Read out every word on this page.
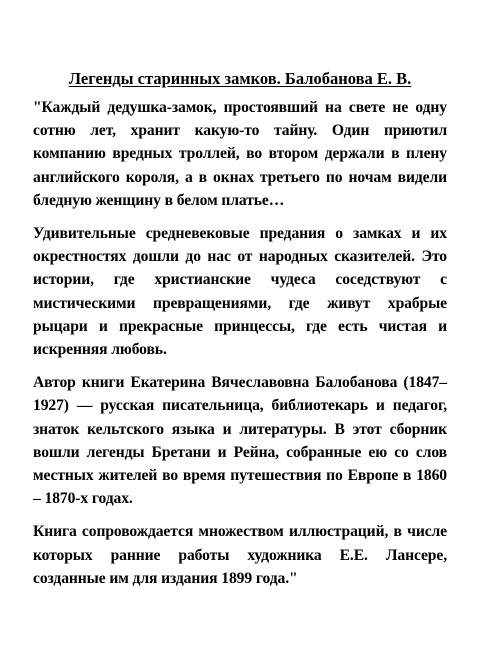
Легенды старинных замков. Балобанова Е. В.

"Каждый дедушка-замок, простоявший на свете не одну сотню лет, хранит какую-то тайну. Один приютил компанию вредных троллей, во втором держали в плену английского короля, а в окнах третьего по ночам видели бледную женщину в белом платье…

Удивительные средневековые предания о замках и их окрестностях дошли до нас от народных сказителей. Это истории, где христианские чудеса соседствуют с мистическими превращениями, где живут храбрые рыцари и прекрасные принцессы, где есть чистая и искренняя любовь.

Автор книги Екатерина Вячеславовна Балобанова (1847–1927) — русская писательница, библиотекарь и педагог, знаток кельтского языка и литературы. В этот сборник вошли легенды Бретани и Рейна, собранные ею со слов местных жителей во время путешествия по Европе в 1860 – 1870-х годах.

Книга сопровождается множеством иллюстраций, в числе которых ранние работы художника Е.Е. Лансере, созданные им для издания 1899 года."
